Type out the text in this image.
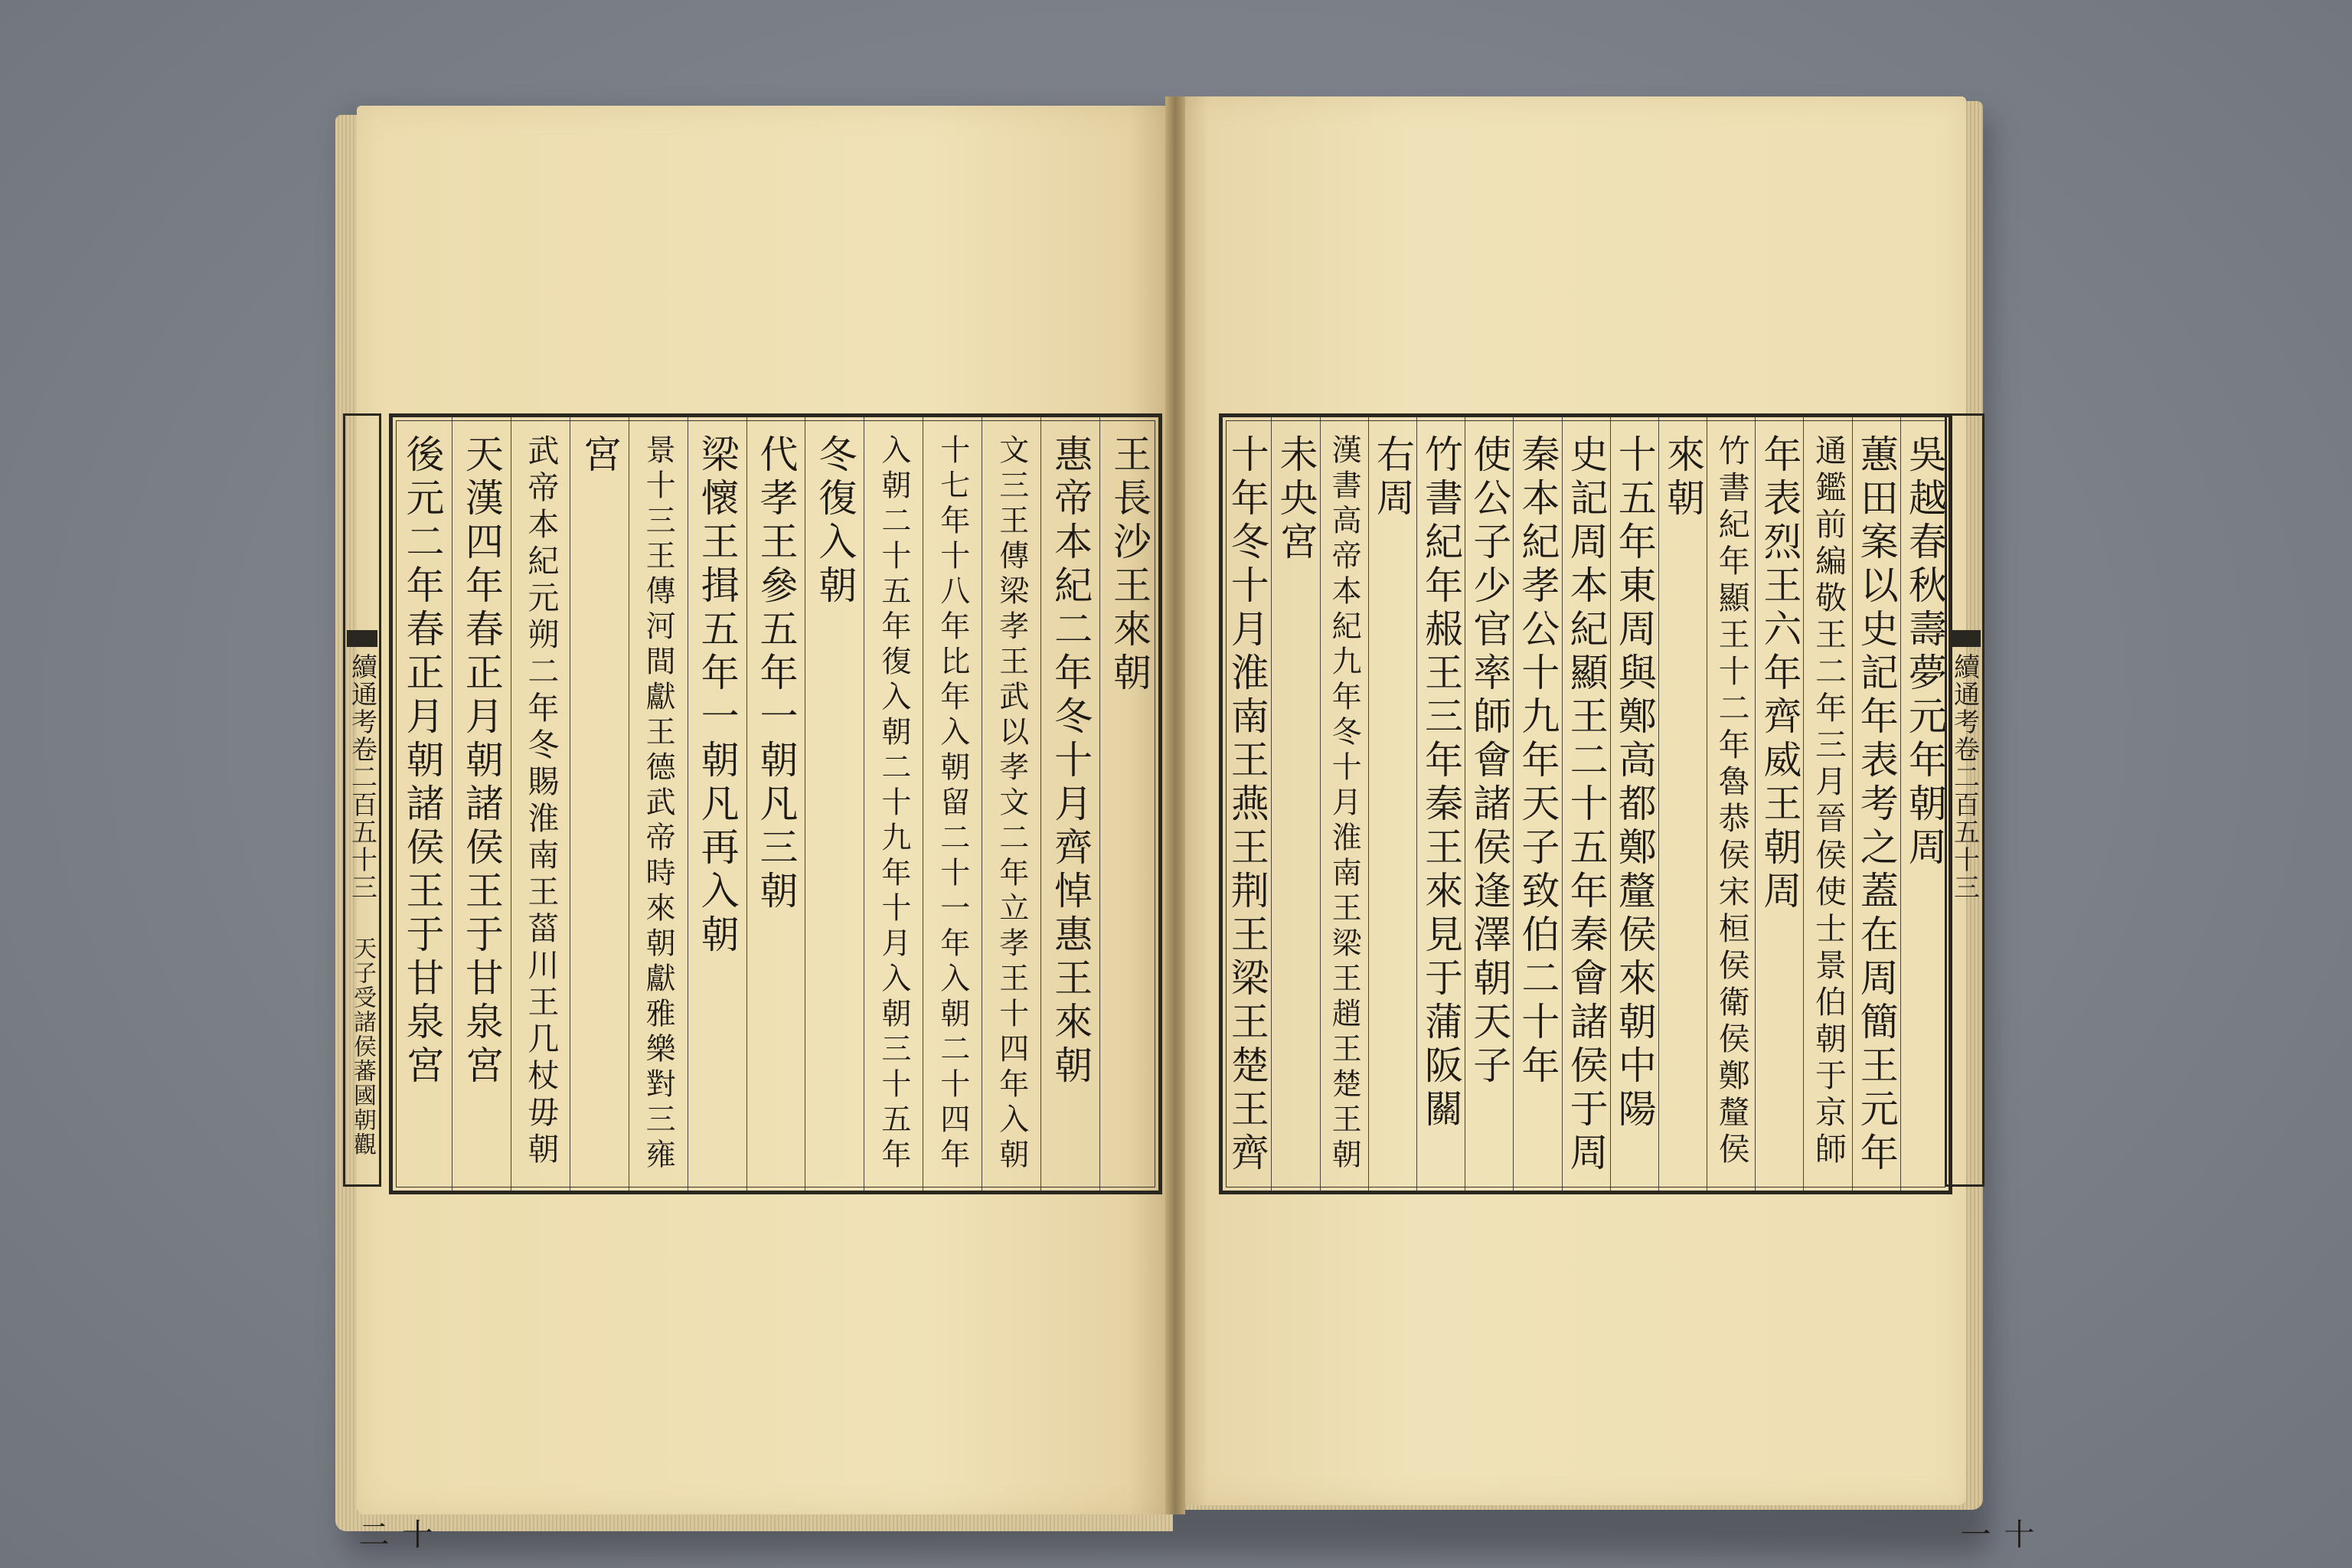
王長沙王來朝
惠帝本紀二年冬十月齊悼惠王來朝
文三王傳梁孝王武以孝文二年立孝王十四年入朝
十七年十八年比年入朝留二十一年入朝二十四年
入朝二十五年復入朝二十九年十月入朝三十五年
冬復入朝
代孝王參五年一朝凡三朝
梁懷王揖五年一朝凡再入朝
景十三王傳河間獻王德武帝時來朝獻雅樂對三雍
宮
武帝本紀元朔二年冬賜淮南王菑川王几杖毋朝
天漢四年春正月朝諸侯王于甘泉宮
後元二年春正月朝諸侯王于甘泉宮
續通考卷二百五十三
天子受諸侯蕃國朝觀
十二
吳越春秋壽夢元年朝周
蕙田案以史記年表考之蓋在周簡王元年
通鑑前編敬王二年三月晉侯使士景伯朝于京師
年表烈王六年齊威王朝周
竹書紀年顯王十二年魯恭侯宋桓侯衛侯鄭釐侯
來朝
十五年東周與鄭高都鄭釐侯來朝中陽
史記周本紀顯王二十五年秦會諸侯于周
秦本紀孝公十九年天子致伯二十年
使公子少官率師會諸侯逢澤朝天子
竹書紀年赧王三年秦王來見于蒲阪關
右周
漢書高帝本紀九年冬十月淮南王梁王趙王楚王朝
未央宮
十年冬十月淮南王燕王荆王梁王楚王齊	續通考卷二百五十三
十一
